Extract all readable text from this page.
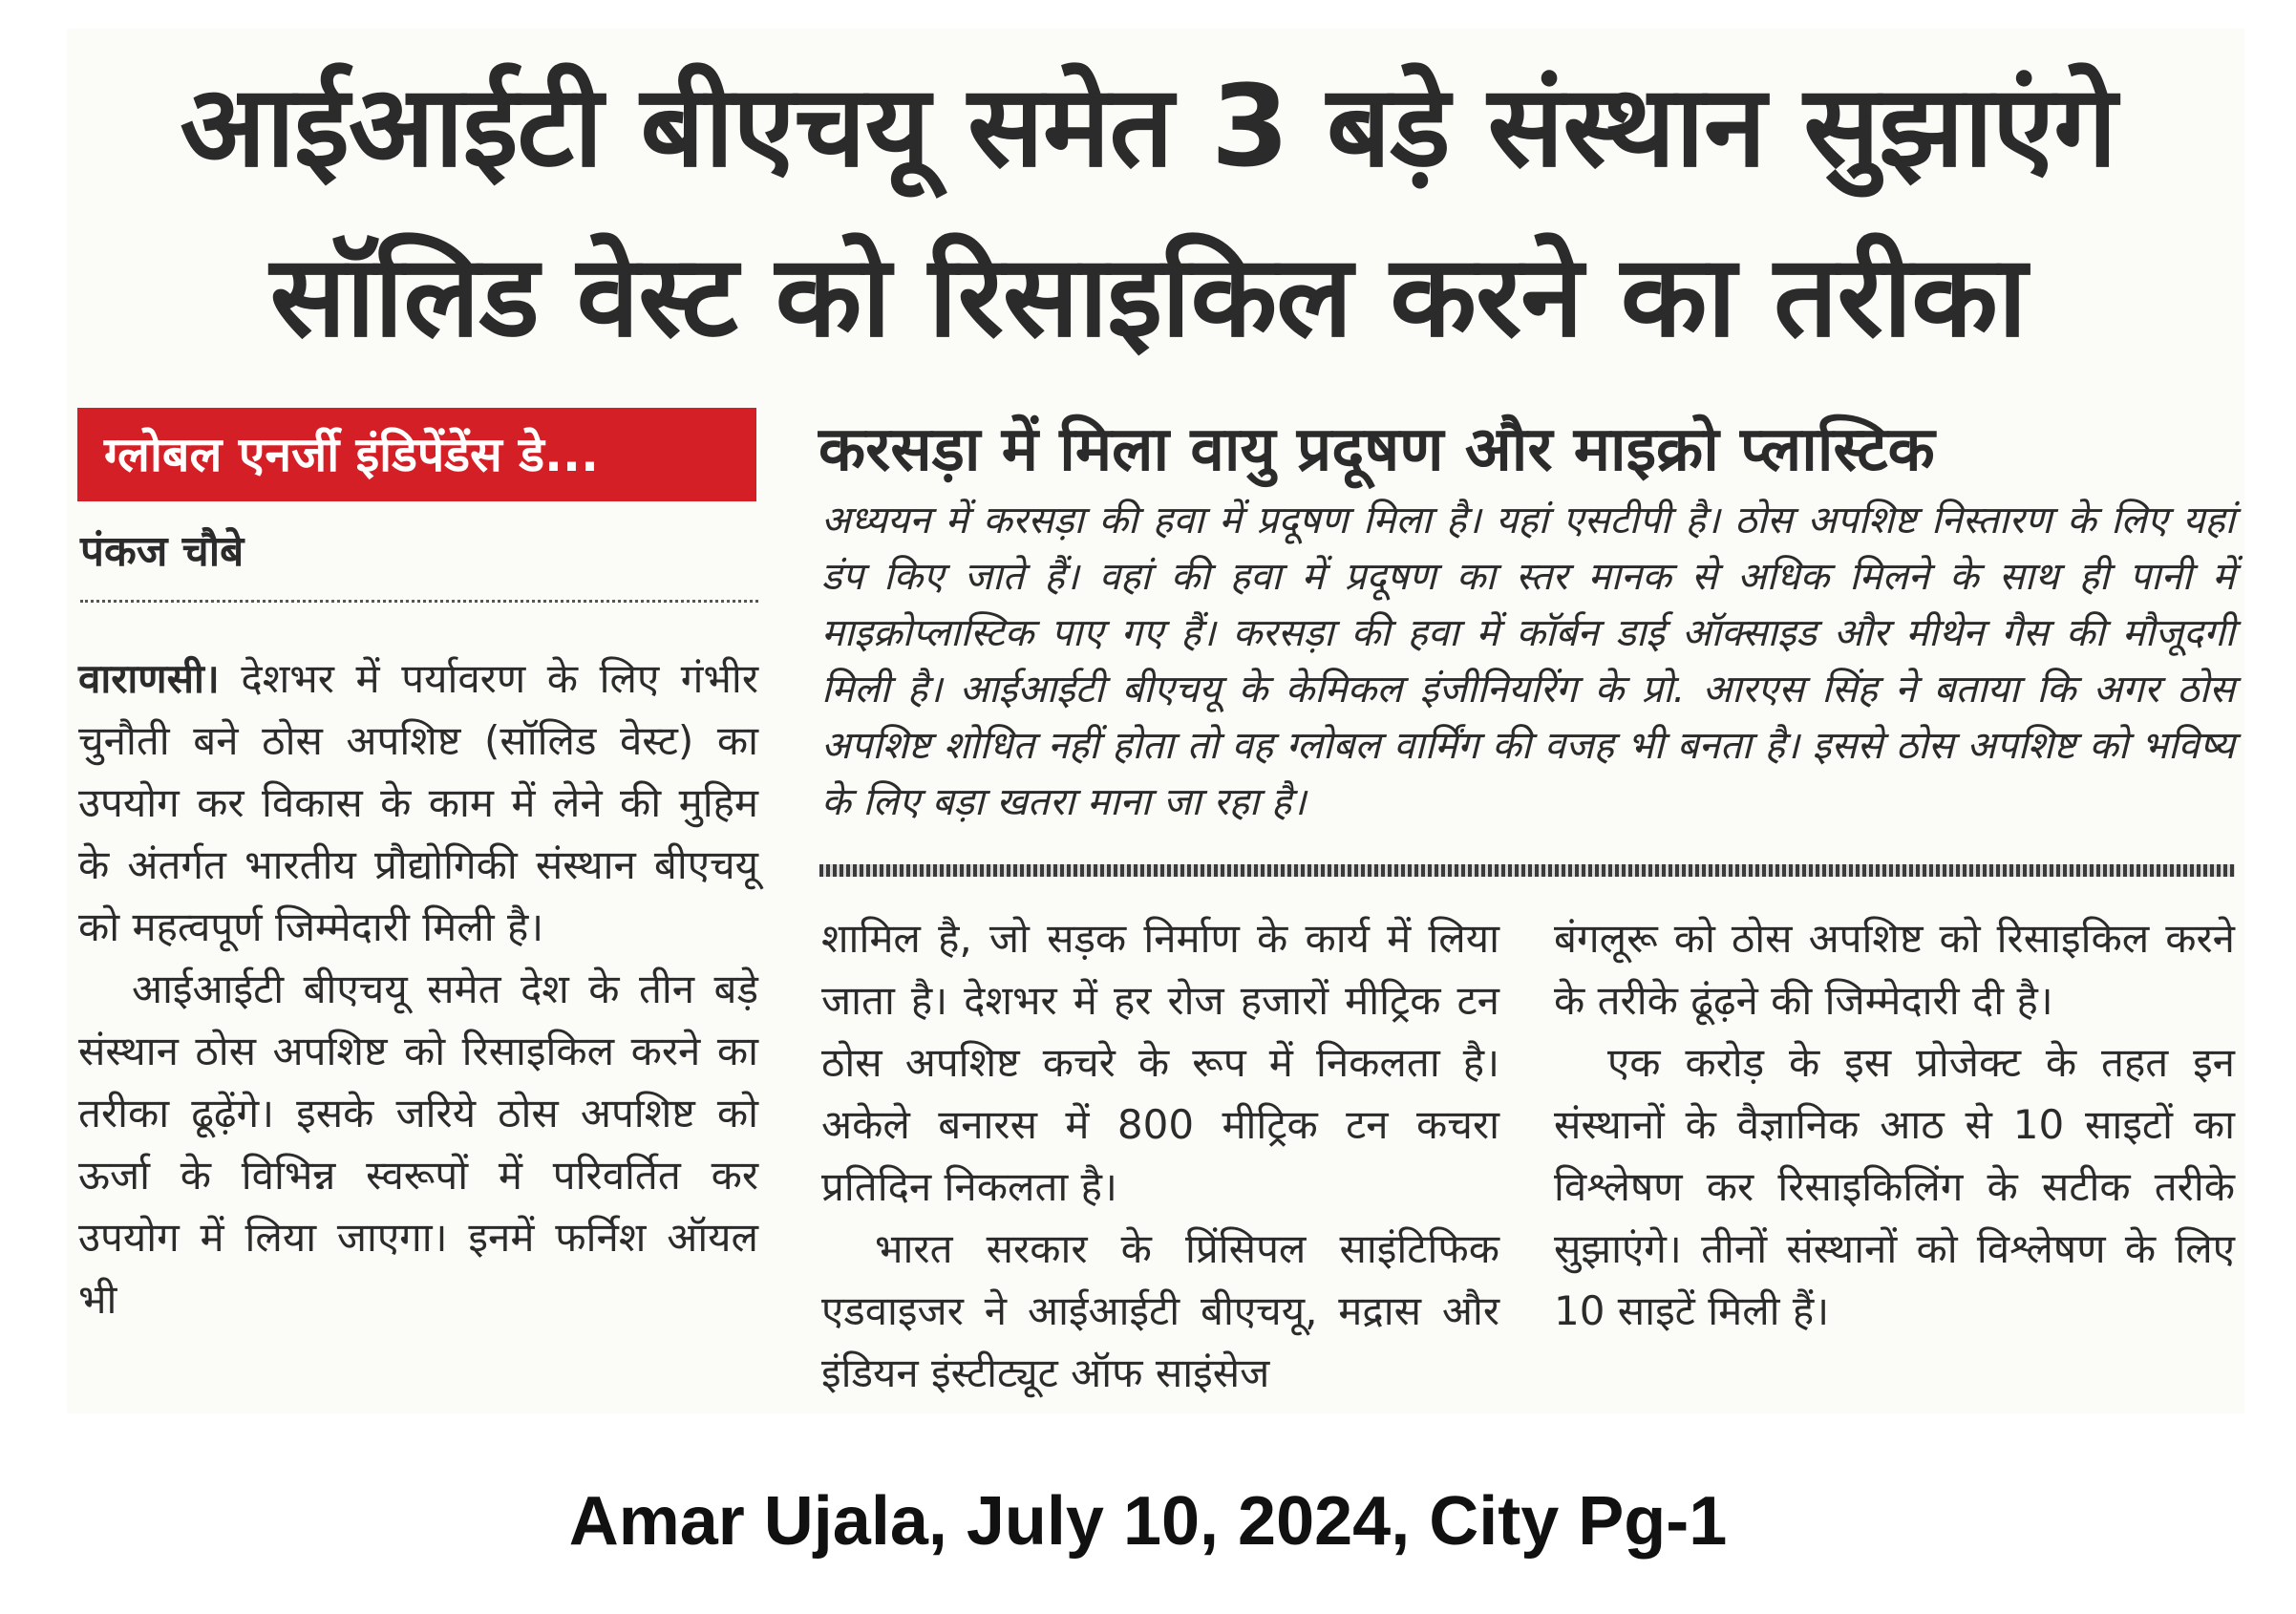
आईआईटी बीएचयू समेत 3 बड़े संस्थान सुझाएंगे
सॉलिड वेस्ट को रिसाइकिल करने का तरीका
ग्लोबल एनर्जी इंडिपेंडेंस डे...
पंकज चौबे

वाराणसी। देशभर में पर्यावरण के लिए गंभीर चुनौती बने ठोस अपशिष्ट (सॉलिड वेस्ट) का उपयोग कर विकास के काम में लेने की मुहिम के अंतर्गत भारतीय प्रौद्योगिकी संस्थान बीएचयू को महत्वपूर्ण जिम्मेदारी मिली है।

आईआईटी बीएचयू समेत देश के तीन बड़े संस्थान ठोस अपशिष्ट को रिसाइकिल करने का तरीका ढूढ़ेंगे। इसके जरिये ठोस अपशिष्ट को ऊर्जा के विभिन्न स्वरूपों में परिवर्तित कर उपयोग में लिया जाएगा। इनमें फर्निश ऑयल भी

करसड़ा में मिला वायु प्रदूषण और माइक्रो प्लास्टिक
अध्ययन में करसड़ा की हवा में प्रदूषण मिला है। यहां एसटीपी है। ठोस अपशिष्ट निस्तारण के लिए यहां डंप किए जाते हैं। वहां की हवा में प्रदूषण का स्तर मानक से अधिक मिलने के साथ ही पानी में माइक्रोप्लास्टिक पाए गए हैं। करसड़ा की हवा में कॉर्बन डाई ऑक्साइड और मीथेन गैस की मौजूदगी मिली है। आईआईटी बीएचयू के केमिकल इंजीनियरिंग के प्रो. आरएस सिंह ने बताया कि अगर ठोस अपशिष्ट शोधित नहीं होता तो वह ग्लोबल वार्मिंग की वजह भी बनता है। इससे ठोस अपशिष्ट को भविष्य के लिए बड़ा खतरा माना जा रहा है।

शामिल है, जो सड़क निर्माण के कार्य में लिया जाता है। देशभर में हर रोज हजारों मीट्रिक टन ठोस अपशिष्ट कचरे के रूप में निकलता है। अकेले बनारस में 800 मीट्रिक टन कचरा प्रतिदिन निकलता है।

भारत सरकार के प्रिंसिपल साइंटिफिक एडवाइजर ने आईआईटी बीएचयू, मद्रास और इंडियन इंस्टीट्यूट ऑफ साइंसेज

बंगलूरू को ठोस अपशिष्ट को रिसाइकिल करने के तरीके ढूंढ़ने की जिम्मेदारी दी है।

एक करोड़ के इस प्रोजेक्ट के तहत इन संस्थानों के वैज्ञानिक आठ से 10 साइटों का विश्लेषण कर रिसाइकिलिंग के सटीक तरीके सुझाएंगे। तीनों संस्थानों को विश्लेषण के लिए 10 साइटें मिली हैं।

Amar Ujala, July 10, 2024, City Pg-1
